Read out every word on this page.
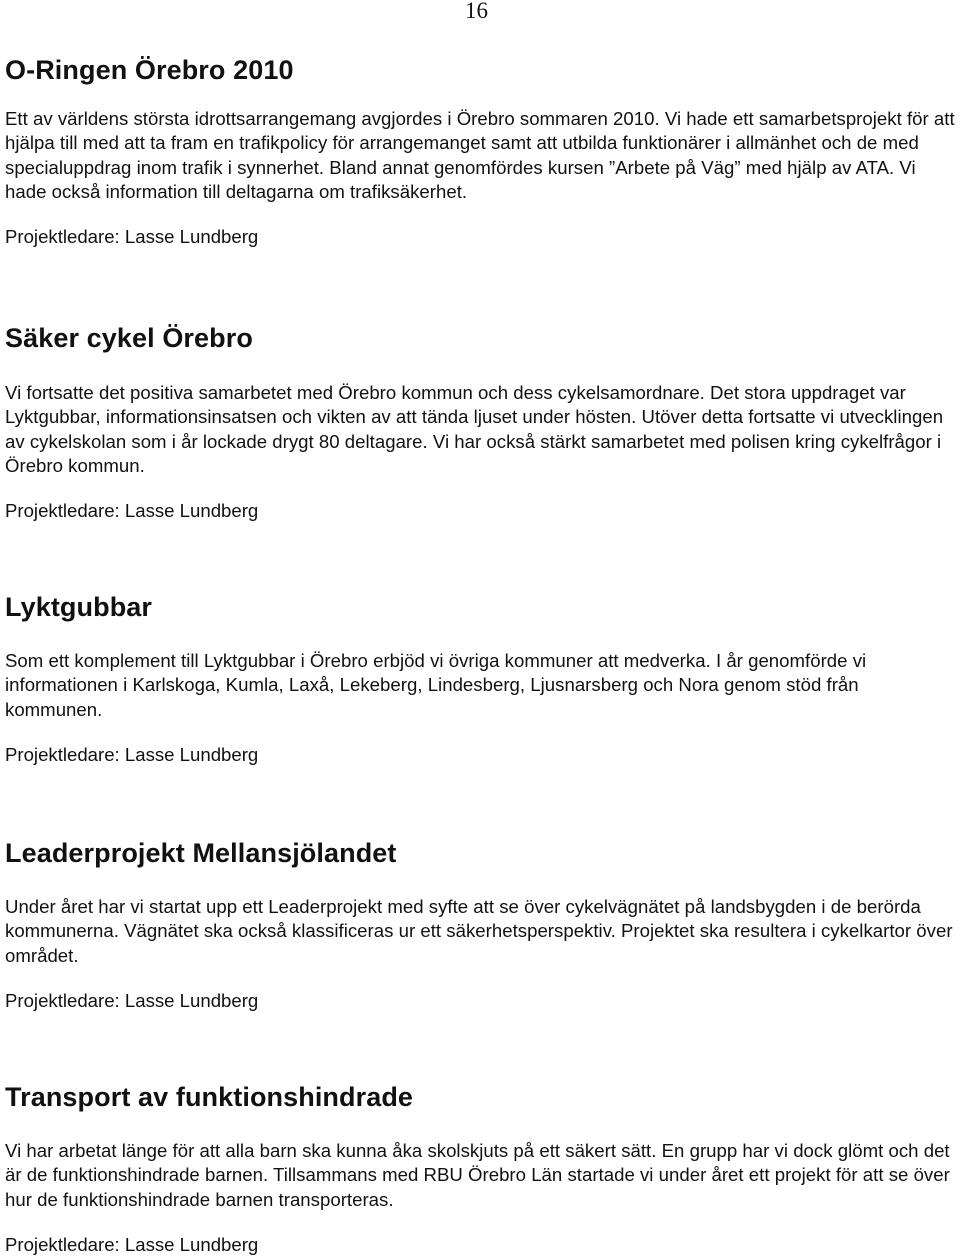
16
O-Ringen Örebro 2010

Ett av världens största idrottsarrangemang avgjordes i Örebro sommaren 2010. Vi hade ett samarbetsprojekt för att hjälpa till med att ta fram en trafikpolicy för arrangemanget samt att utbilda funktionärer i allmänhet och de med specialuppdrag inom trafik i synnerhet. Bland annat genomfördes kursen ”Arbete på Väg” med hjälp av ATA. Vi hade också information till deltagarna om trafiksäkerhet.

Projektledare: Lasse Lundberg

Säker cykel Örebro

Vi fortsatte det positiva samarbetet med Örebro kommun och dess cykelsamordnare. Det stora uppdraget var Lyktgubbar, informationsinsatsen och vikten av att tända ljuset under hösten. Utöver detta fortsatte vi utvecklingen av cykelskolan som i år lockade drygt 80 deltagare. Vi har också stärkt samarbetet med polisen kring cykelfrågor i Örebro kommun.

Projektledare: Lasse Lundberg

Lyktgubbar

Som ett komplement till Lyktgubbar i Örebro erbjöd vi övriga kommuner att medverka. I år genomförde vi informationen i Karlskoga, Kumla, Laxå, Lekeberg, Lindesberg, Ljusnarsberg och Nora genom stöd från kommunen.

Projektledare: Lasse Lundberg

Leaderprojekt Mellansjölandet

Under året har vi startat upp ett Leaderprojekt med syfte att se över cykelvägnätet på landsbygden i de berörda kommunerna. Vägnätet ska också klassificeras ur ett säkerhetsperspektiv. Projektet ska resultera i cykelkartor över området.

Projektledare: Lasse Lundberg

Transport av funktionshindrade

Vi har arbetat länge för att alla barn ska kunna åka skolskjuts på ett säkert sätt. En grupp har vi dock glömt och det är de funktionshindrade barnen. Tillsammans med RBU Örebro Län startade vi under året ett projekt för att se över hur de funktionshindrade barnen transporteras.

Projektledare: Lasse Lundberg
